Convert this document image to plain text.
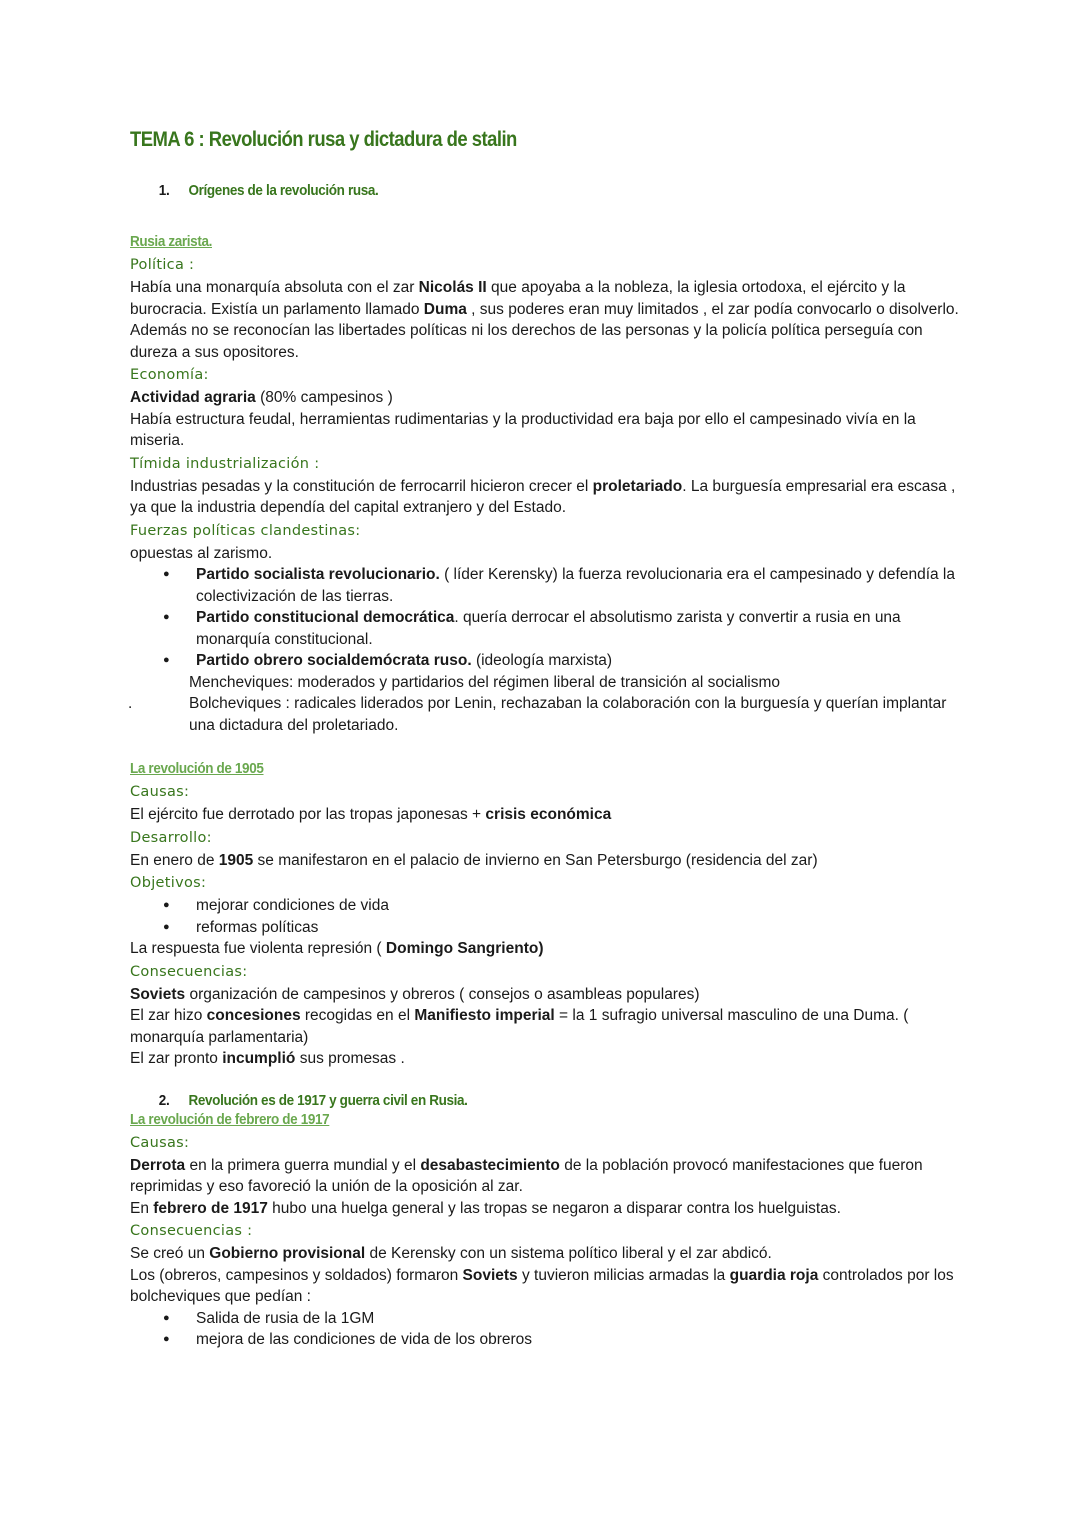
TEMA 6 : Revolución rusa y dictadura de stalin
1. Orígenes de la revolución rusa.
Rusia zarista.
Política :

Había una monarquía absoluta con el zar Nicolás II que apoyaba a la nobleza, la iglesia ortodoxa, el ejército y la burocracia. Existía un parlamento llamado Duma , sus poderes eran muy limitados , el zar podía convocarlo o disolverlo. Además no se reconocían las libertades políticas ni los derechos de las personas y la policía política perseguía con dureza a sus opositores.

Economía:

Actividad agraria (80% campesinos )

Había estructura feudal, herramientas rudimentarias y la productividad era baja por ello el campesinado vivía en la miseria.

Tímida industrialización :

Industrias pesadas y la constitución de ferrocarril hicieron crecer el proletariado. La burguesía empresarial era escasa , ya que la industria dependía del capital extranjero y del Estado.

Fuerzas políticas clandestinas:

opuestas al zarismo.

● Partido socialista revolucionario. ( líder Kerensky) la fuerza revolucionaria era el campesinado y defendía la colectivización de las tierras.
● Partido constitucional democrática. quería derrocar el absolutismo zarista y convertir a rusia en una monarquía constitucional.
● Partido obrero socialdemócrata ruso. (ideología marxista)
Mencheviques: moderados y partidarios del régimen liberal de transición al socialismo
.	Bolcheviques : radicales liderados por Lenin, rechazaban la colaboración con la burguesía y querían implantar una dictadura del proletariado.
La revolución de 1905
Causas:

El ejército fue derrotado por las tropas japonesas + crisis económica

Desarrollo:

En enero de 1905 se manifestaron en el palacio de invierno en San Petersburgo (residencia del zar)

Objetivos:
● mejorar condiciones de vida
● reformas políticas

La respuesta fue violenta represión ( Domingo Sangriento)

Consecuencias:

Soviets organización de campesinos y obreros ( consejos o asambleas populares)

El zar hizo concesiones recogidas en el Manifiesto imperial = la 1 sufragio universal masculino de una Duma. ( monarquía parlamentaria)

El zar pronto incumplió sus promesas .

2. Revolución es de 1917 y guerra civil en Rusia.
La revolución de febrero de 1917
Causas:

Derrota en la primera guerra mundial y el desabastecimiento de la población provocó manifestaciones que fueron reprimidas y eso favoreció la unión de la oposición al zar.

En febrero de 1917 hubo una huelga general y las tropas se negaron a disparar contra los huelguistas.

Consecuencias :

Se creó un Gobierno provisional de Kerensky con un sistema político liberal y el zar abdicó.

Los (obreros, campesinos y soldados) formaron Soviets y tuvieron milicias armadas la guardia roja controlados por los bolcheviques que pedían :

● Salida de rusia de la 1GM
● mejora de las condiciones de vida de los obreros
